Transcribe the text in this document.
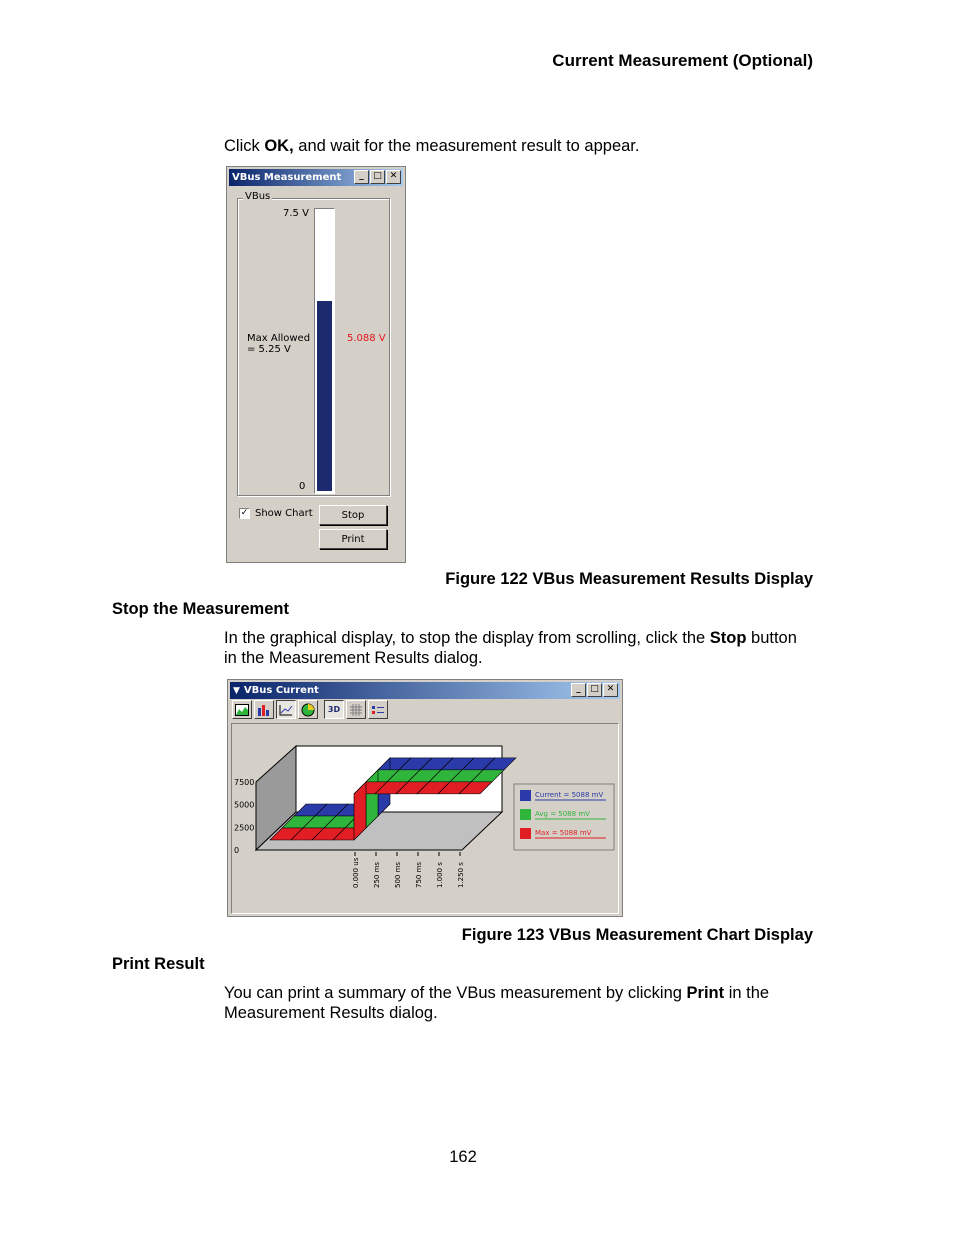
Current Measurement (Optional)
Click OK, and wait for the measurement result to appear.
VBus Measurement	_	□ ✕
VBus
7.5 V
0
Max Allowed
= 5.25 V
5.088 V
✓ Show Chart	Stop
Print
Figure 122 VBus Measurement Results Display
Stop the Measurement
In the graphical display, to stop the display from scrolling, click the Stop button
in the Measurement Results dialog.
▼ VBus Current	_	□ ✕
3D
7500
5000
2500
0
0.000 us 250 ms 500 ms 750 ms 1.000 s 1.250 s
Current = 5088 mV
Avg = 5088 mV
Max = 5088 mV
Figure 123 VBus Measurement Chart Display
Print Result
You can print a summary of the VBus measurement by clicking Print in the
Measurement Results dialog.
162
